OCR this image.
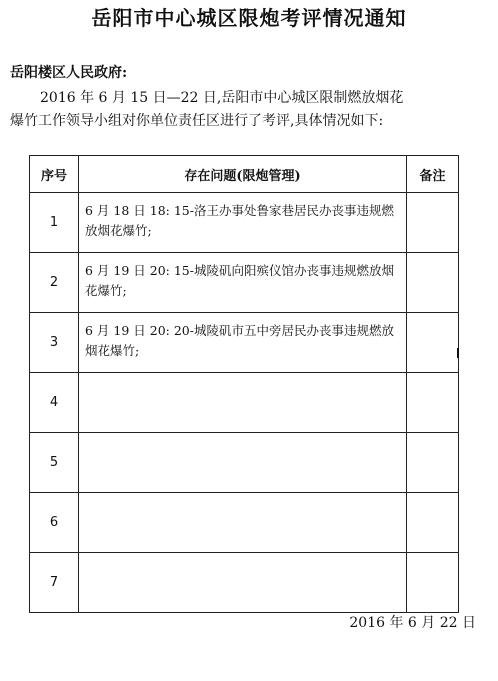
岳阳市中心城区限炮考评情况通知
岳阳楼区人民政府:
2016 年 6 月 15 日—22 日,岳阳市中心城区限制燃放烟花
爆竹工作领导小组对你单位责任区进行了考评,具体情况如下:
序号	存在问题(限炮管理)	备注
1	6 月 18 日 18: 15-洛王办事处鲁家巷居民办丧事违规燃放烟花爆竹;	

2	6 月 19 日 20: 15-城陵矶向阳殡仪馆办丧事违规燃放烟花爆竹;	

3	6 月 19 日 20: 20-城陵矶市五中旁居民办丧事违规燃放烟花爆竹;	

4	

5	

6	

7	

2016 年 6 月 22 日
